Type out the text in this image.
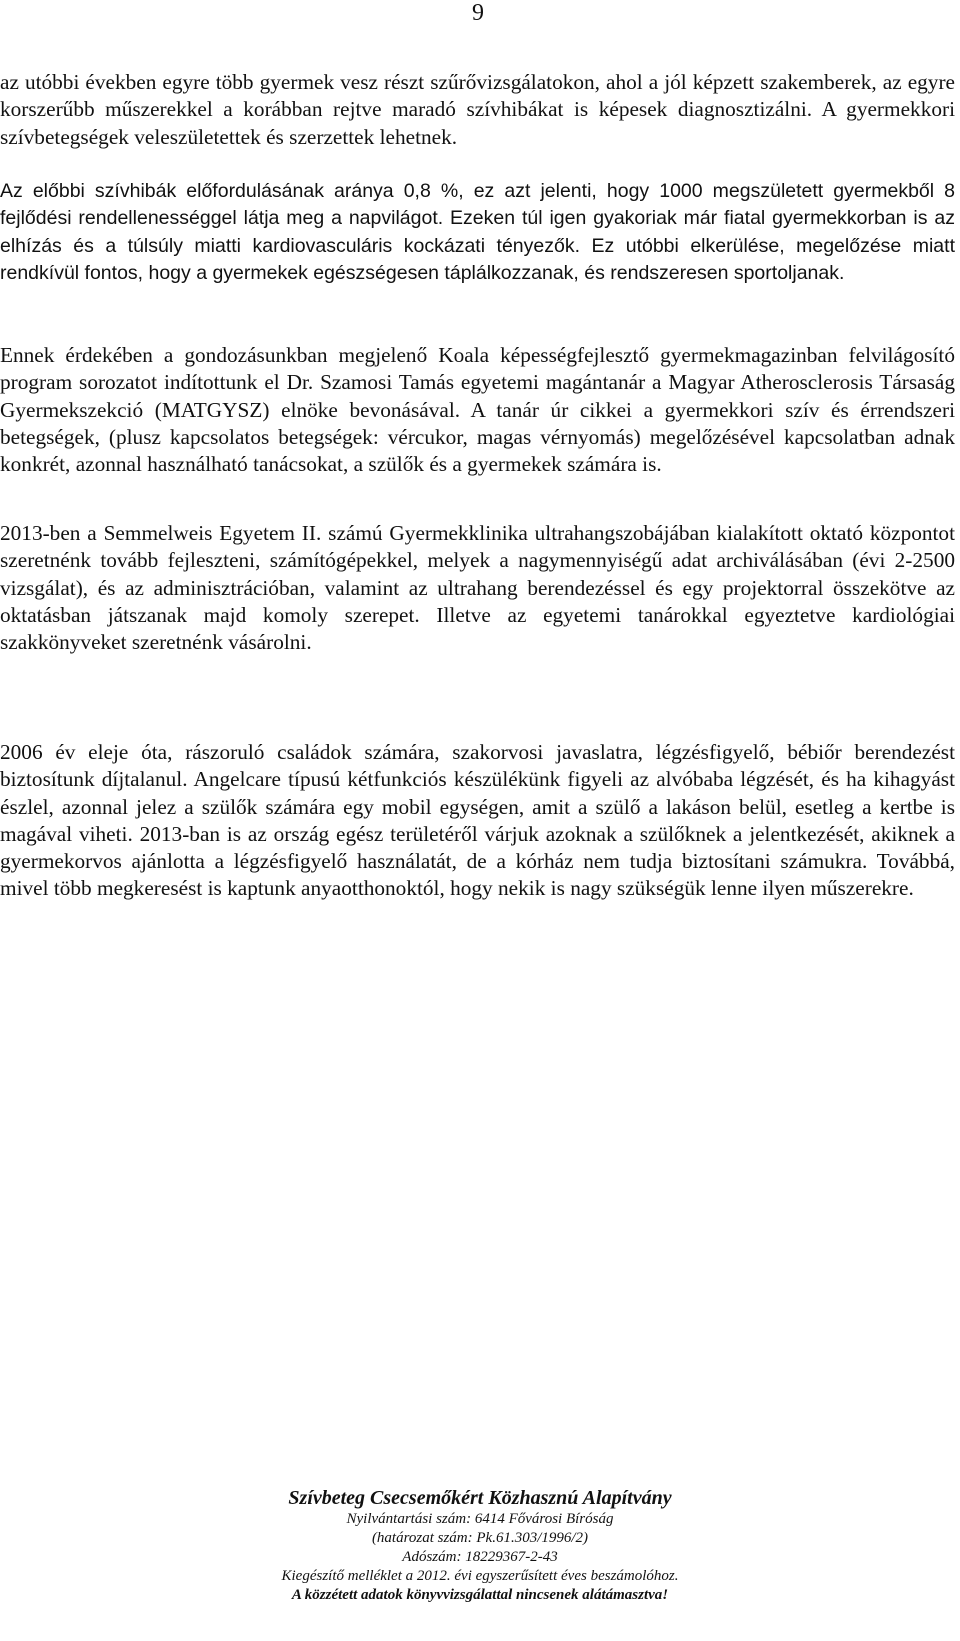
9

az utóbbi években egyre több gyermek vesz részt szűrővizsgálatokon, ahol a jól képzett szakemberek, az egyre korszerűbb műszerekkel a korábban rejtve maradó szívhibákat is képesek diagnosztizálni. A gyermekkori szívbetegségek veleszületettek és szerzettek lehetnek.

Az előbbi szívhibák előfordulásának aránya 0,8 %, ez azt jelenti, hogy 1000 megszületett gyermekből 8 fejlődési rendellenességgel látja meg a napvilágot. Ezeken túl igen gyakoriak már fiatal gyermekkorban is az elhízás és a túlsúly miatti kardiovasculáris kockázati tényezők. Ez utóbbi elkerülése, megelőzése miatt rendkívül fontos, hogy a gyermekek egészségesen táplálkozzanak, és rendszeresen sportoljanak.

Ennek érdekében a gondozásunkban megjelenő Koala képességfejlesztő gyermekmagazinban felvilágosító program sorozatot indítottunk el Dr. Szamosi Tamás egyetemi magántanár a Magyar Atherosclerosis Társaság Gyermekszekció (MATGYSZ) elnöke bevonásával. A tanár úr cikkei a gyermekkori szív és érrendszeri betegségek, (plusz kapcsolatos betegségek: vércukor, magas vérnyomás) megelőzésével kapcsolatban adnak konkrét, azonnal használható tanácsokat, a szülők és a gyermekek számára is.

2013-ben a Semmelweis Egyetem II. számú Gyermekklinika ultrahangszobájában kialakított oktató központot szeretnénk tovább fejleszteni, számítógépekkel, melyek a nagymennyiségű adat archiválásában (évi 2-2500 vizsgálat), és az adminisztrációban, valamint az ultrahang berendezéssel és egy projektorral összekötve az oktatásban játszanak majd komoly szerepet. Illetve az egyetemi tanárokkal egyeztetve kardiológiai szakkönyveket szeretnénk vásárolni.

2006 év eleje óta, rászoruló családok számára, szakorvosi javaslatra, légzésfigyelő, bébiőr berendezést biztosítunk díjtalanul. Angelcare típusú kétfunkciós készülékünk figyeli az alvóbaba légzését, és ha kihagyást észlel, azonnal jelez a szülők számára egy mobil egységen, amit a szülő a lakáson belül, esetleg a kertbe is magával viheti. 2013-ban is az ország egész területéről várjuk azoknak a szülőknek a jelentkezését, akiknek a gyermekorvos ajánlotta a légzésfigyelő használatát, de a kórház nem tudja biztosítani számukra. Továbbá, mivel több megkeresést is kaptunk anyaotthonoktól, hogy nekik is nagy szükségük lenne ilyen műszerekre.

Szívbeteg Csecsemőkért Közhasznú Alapítvány
Nyilvántartási szám: 6414 Fővárosi Bíróság
(határozat szám: Pk.61.303/1996/2)
Adószám: 18229367-2-43
Kiegészítő melléklet a 2012. évi egyszerűsített éves beszámolóhoz.
A közzétett adatok könyvvizsgálattal nincsenek alátámasztva!
